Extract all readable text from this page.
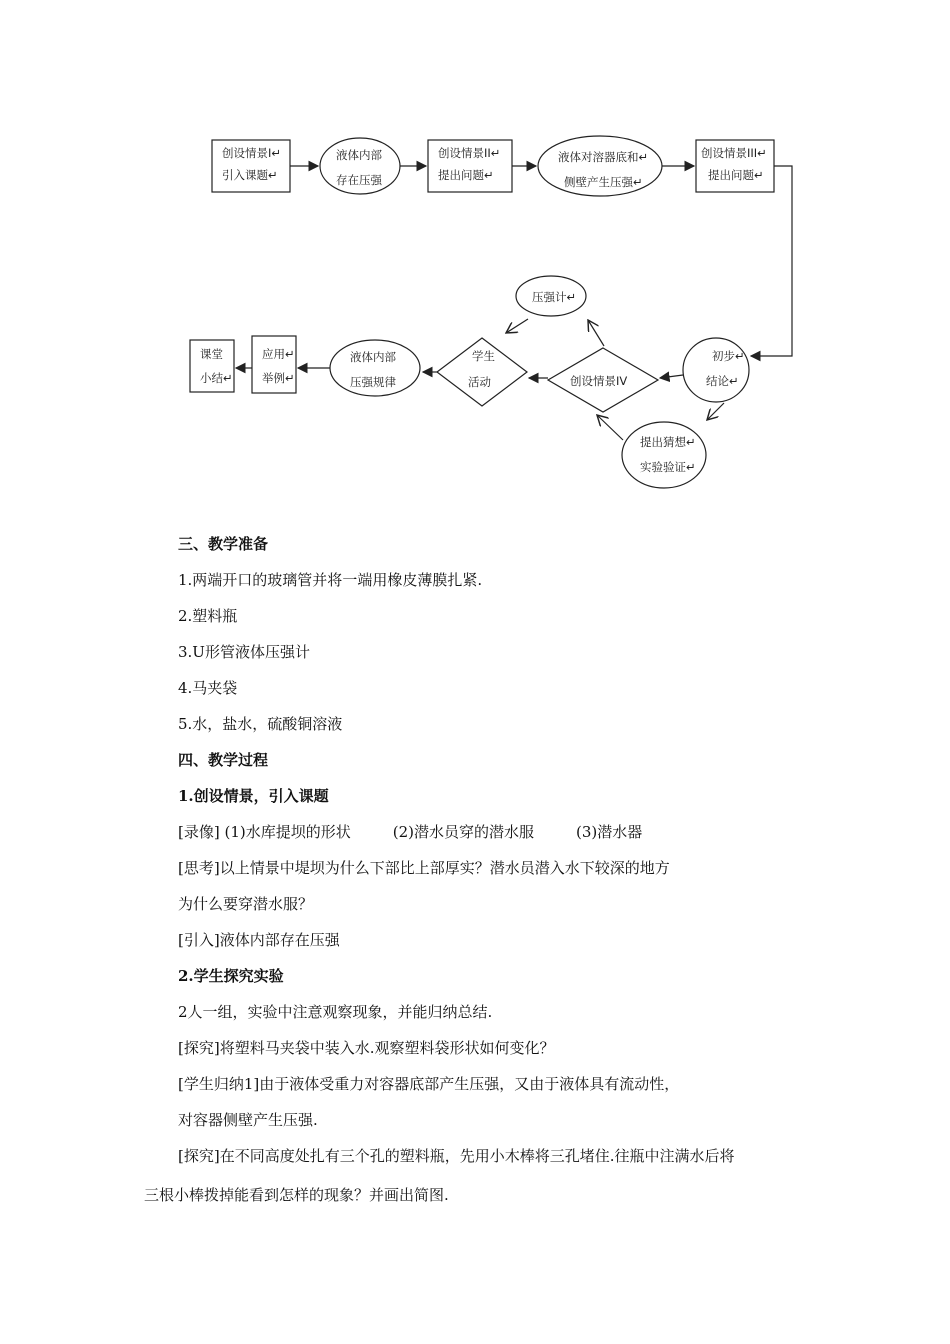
创设情景I↵
引入课题↵
液体内部
存在压强
创设情景II↵
提出问题↵
液体对溶器底和↵
侧壁产生压强↵
创设情景III↵
提出问题↵
压强计↵
初步↵
结论↵
提出猜想↵
实验验证↵
创设情景IV
学生
活动
液体内部
压强规律
应用↵
举例↵
课堂
小结↵
三、教学准备
1.两端开口的玻璃管并将一端用橡皮薄膜扎紧.
2.塑料瓶
3.U形管液体压强计
4.马夹袋
5.水，盐水，硫酸铜溶液
四、教学过程
1.创设情景，引入课题
[录像] (1)水库提坝的形状	(2)潜水员穿的潜水服	(3)潜水器
[思考]以上情景中堤坝为什么下部比上部厚实？潜水员潜入水下较深的地方
为什么要穿潜水服？
[引入]液体内部存在压强
2.学生探究实验
2人一组，实验中注意观察现象，并能归纳总结.
[探究]将塑料马夹袋中装入水.观察塑料袋形状如何变化？
[学生归纳1]由于液体受重力对容器底部产生压强，又由于液体具有流动性，
对容器侧壁产生压强.
[探究]在不同高度处扎有三个孔的塑料瓶，先用小木棒将三孔堵住.往瓶中注满水后将
三根小棒拨掉能看到怎样的现象？并画出简图.
